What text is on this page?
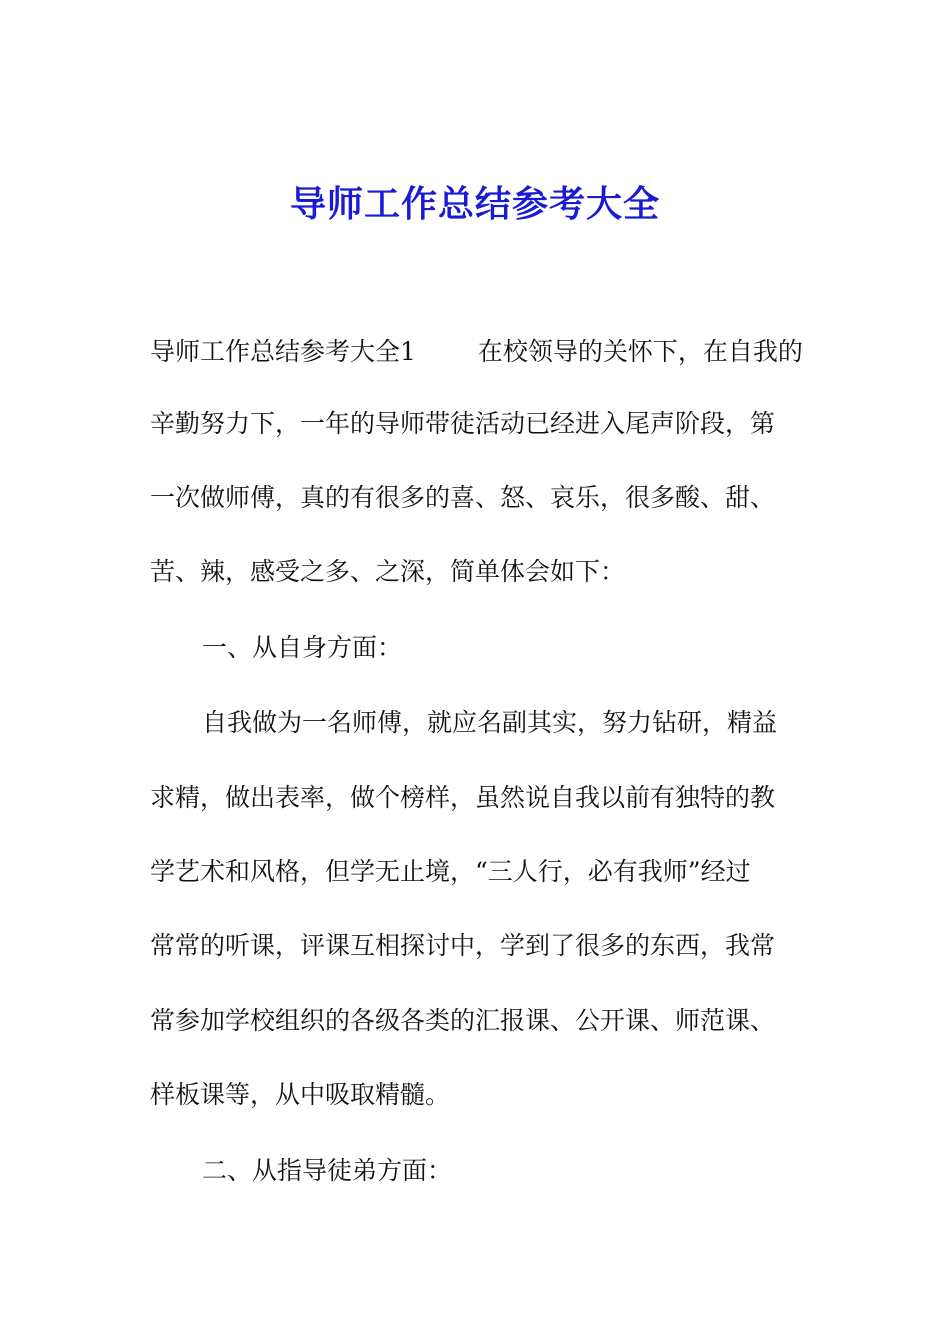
导师工作总结参考大全
导师工作总结参考大全1 在校领导的关怀下，在自我的
辛勤努力下，一年的导师带徒活动已经进入尾声阶段，第
一次做师傅，真的有很多的喜、怒、哀乐，很多酸、甜、
苦、辣，感受之多、之深，简单体会如下：
一、从自身方面：
自我做为一名师傅，就应名副其实，努力钻研，精益
求精，做出表率，做个榜样，虽然说自我以前有独特的教
学艺术和风格，但学无止境，“三人行，必有我师”经过
常常的听课，评课互相探讨中，学到了很多的东西，我常
常参加学校组织的各级各类的汇报课、公开课、师范课、
样板课等，从中吸取精髓。
二、从指导徒弟方面：
